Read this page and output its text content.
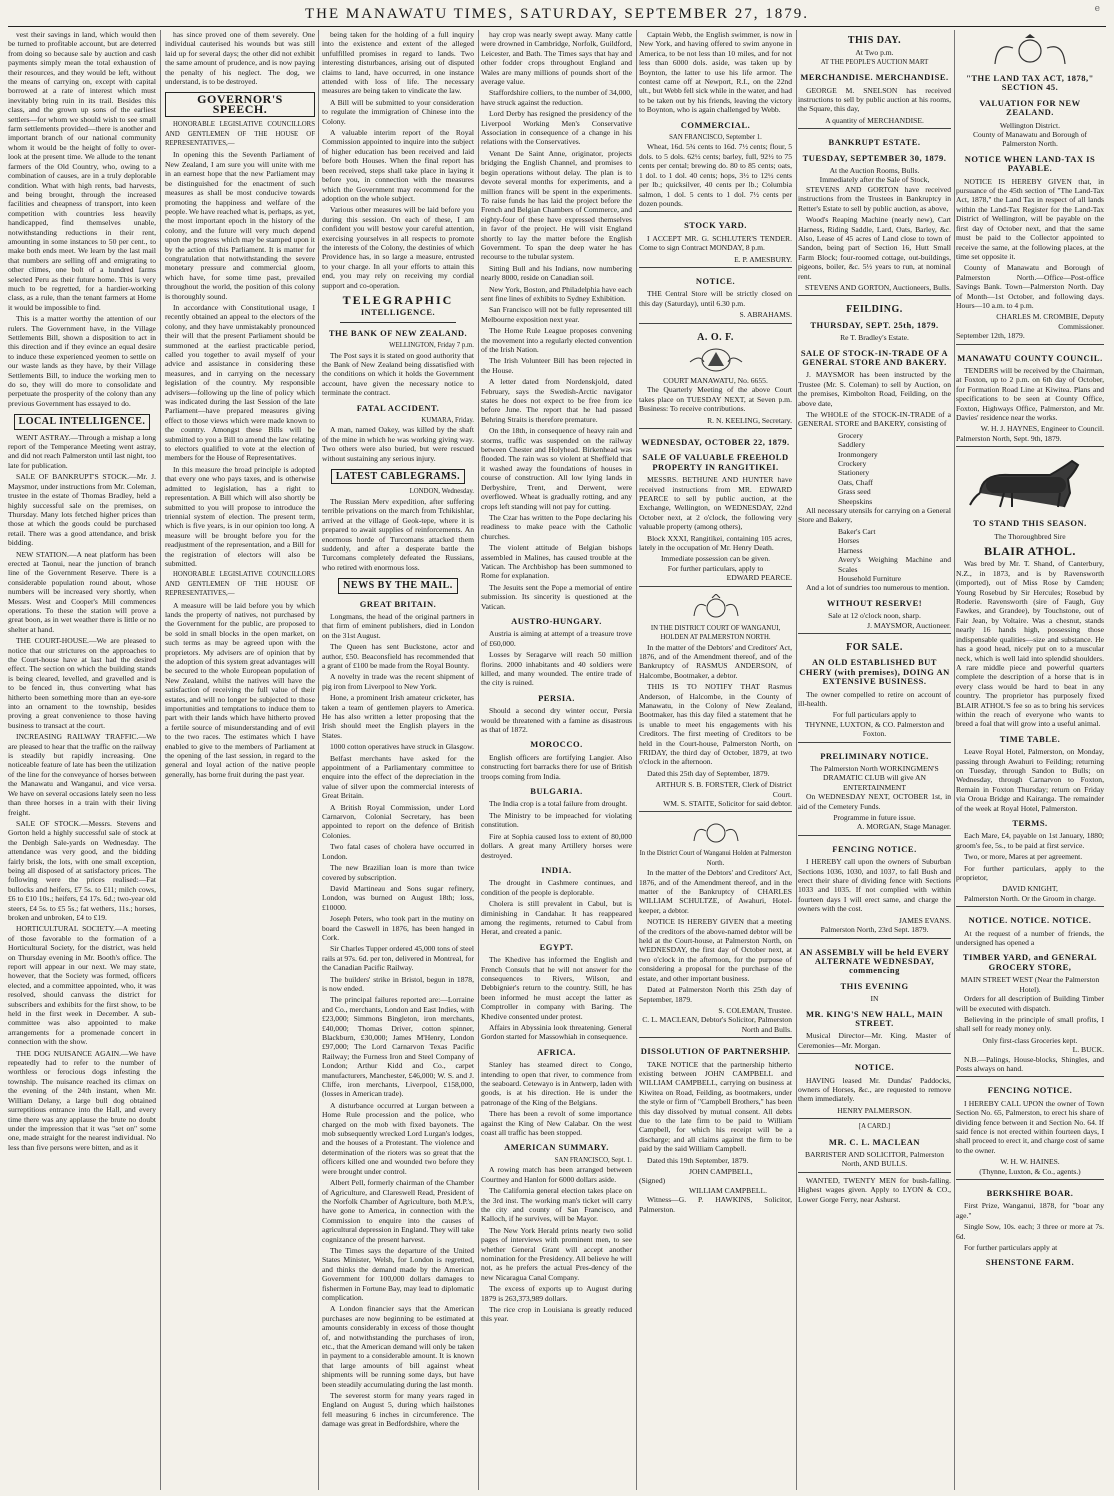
THE MANAWATU TIMES, SATURDAY, SEPTEMBER 27, 1879.	e

vest their savings in land, which would then be turned to profitable account, but are deterred from doing so because sale by auction and cash payments simply mean the total exhaustion of their resources, and they would be left, without the means of carrying on, except with capital borrowed at a rate of interest which must inevitably bring ruin in its trail. Besides this class, and the grown up sons of the earliest settlers—for whom we should wish to see small farm settlements provided—there is another and important branch of our national community whom it would be the height of folly to over-look at the present time. We allude to the tenant farmers of the Old Country, who, owing to a combination of causes, are in a truly deplorable condition. What with high rents, bad harvests, and being brought, through the increased facilities and cheapness of transport, into keen competition with countries less heavily handicapped, find themselves unable, notwithstanding reductions in their rent, amounting in some instances to 50 per cent., to make both ends meet. We learn by the last mail that numbers are selling off and emigrating to other climes, one bolt of a hundred farms selected Peru as their future home. This is very much to be regretted, for a hardier-working class, as a rule, than the tenant farmers at Home it would be impossible to find.

This is a matter worthy the attention of our rulers. The Government have, in the Village Settlements Bill, shown a disposition to act in this direction and if they evince an equal desire to induce these experienced yeomen to settle on our waste lands as they have, by their Village Settlements Bill, to induce the working men to do so, they will do more to consolidate and perpetuate the prosperity of the colony than any previous Government has essayed to do.

LOCAL INTELLIGENCE.

WENT ASTRAY.—Through a mishap a long report of the Temperance Meeting went astray, and did not reach Palmerston until last night, too late for publication.

SALE OF BANKRUPT'S STOCK.—Mr. J. Maysmor, under instructions from Mr. Coleman, trustee in the estate of Thomas Bradley, held a highly successful sale on the premises, on Thursday. Many lots fetched higher prices than those at which the goods could be purchased retail. There was a good attendance, and brisk bidding.

NEW STATION.—A neat platform has been erected at Taonui, near the junction of branch line of the Government Reserve. There is a considerable population round about, whose numbers will be increased very shortly, when Messrs. West and Cooper's Mill commences operations. To these the station will prove a great boon, as in wet weather there is little or no shelter at hand.

THE COURT-HOUSE.—We are pleased to notice that our strictures on the approaches to the Court-house have at last had the desired effect. The section on which the building stands is being cleared, levelled, and gravelled and is to be fenced in, thus converting what has hitherto been something more than an eye-sore into an ornament to the township, besides proving a great convenience to those having business to transact at the court.

INCREASING RAILWAY TRAFFIC.—We are pleased to hear that the traffic on the railway is steadily but rapidly increasing. One noticeable feature of late has been the utilization of the line for the conveyance of horses between the Manawatu and Wanganui, and vice versa. We have on several occasions lately seen no less than three horses in a train with their living freight.

SALE OF STOCK.—Messrs. Stevens and Gorton held a highly successful sale of stock at the Denbigh Sale-yards on Wednesday. The attendance was very good, and the bidding fairly brisk, the lots, with one small exception, being all disposed of at satisfactory prices. The following were the prices realised:—Fat bullocks and heifers, £7 5s. to £11; milch cows, £6 to £10 10s.; heifers, £4 17s. 6d.; two-year old steers, £4 5s. to £5 5s.; fat wethers, 11s.; horses, broken and unbroken, £4 to £19.

HORTICULTURAL SOCIETY.—A meeting of those favorable to the formation of a Horticultural Society, for the district, was held on Thursday evening in Mr. Booth's office. The report will appear in our next. We may state, however, that the Society was formed, officers elected, and a committee appointed, who, it was resolved, should canvass the district for subscribers and exhibits for the first show, to be held in the first week in December. A sub-committee was also appointed to make arrangements for a promenade concert in connection with the show.

THE DOG NUISANCE AGAIN.—We have repeatedly had to refer to the number of worthless or ferocious dogs infesting the township. The nuisance reached its climax on the evening of the 24th instant, when Mr. William Delany, a large bull dog obtained surreptitious entrance into the Hall, and every time there was any applause the brute no doubt under the impression that it was "set on" some one, made straight for the nearest individual. No less than five persons were bitten, and as it

has since proved one of them severely. One individual cauterised his wounds but was still laid up for several days; the other did not exhibit the same amount of prudence, and is now paying the penalty of his neglect. The dog, we understand, is to be destroyed.

GOVERNOR'S SPEECH.

HONORABLE LEGISLATIVE COUNCILLORS AND GENTLEMEN OF THE HOUSE OF REPRESENTATIVES,—

In opening this the Seventh Parliament of New Zealand, I am sure you will unite with me in an earnest hope that the new Parliament may be distinguished for the enactment of such measures as shall be most conducive towards promoting the happiness and welfare of the people. We have reached what is, perhaps, as yet, the most important epoch in the history of the colony, and the future will very much depend upon the progress which may be stamped upon it by the action of this Parliament. It is matter for congratulation that notwithstanding the severe monetary pressure and commercial gloom, which have, for some time past, prevailed throughout the world, the position of this colony is thoroughly sound.

In accordance with Constitutional usage, I recently obtained an appeal to the electors of the colony, and they have unmistakably pronounced their will that the present Parliament should be summoned at the earliest practicable period, called you together to avail myself of your advice and assistance in considering these measures, and in carrying on the necessary legislation of the country. My responsible advisers—following up the line of policy which was indicated during the last Session of the late Parliament—have prepared measures giving effect to those views which were made known to the country. Amongst these Bills will be submitted to you a Bill to amend the law relating to electors qualified to vote at the election of members for the House of Representatives.

In this measure the broad principle is adopted that every one who pays taxes, and is otherwise admitted to legislation, has a right to representation. A Bill which will also shortly be submitted to you will propose to introduce the triennial system of election. The present term, which is five years, is in our opinion too long. A measure will be brought before you for the readjustment of the representation, and a Bill for the registration of electors will also be submitted.

HONORABLE LEGISLATIVE COUNCILLORS AND GENTLEMEN OF THE HOUSE OF REPRESENTATIVES,—

A measure will be laid before you by which lands the property of natives, not purchased by the Government for the public, are proposed to be sold in small blocks in the open market, on such terms as may be agreed upon with the proprietors. My advisers are of opinion that by the adoption of this system great advantages will be secured to the whole European population of New Zealand, whilst the natives will have the satisfaction of receiving the full value of their estates, and will no longer be subjected to those importunities and temptations to induce them to part with their lands which have hitherto proved a fertile source of misunderstanding and of evil to the two races. The estimates which I have enabled to give to the members of Parliament at the opening of the last session, in regard to the general and loyal action of the native people generally, has borne fruit during the past year.

being taken for the holding of a full inquiry into the existence and extent of the alleged unfulfilled promises in regard to lands. Two interesting disturbances, arising out of disputed claims to land, have occurred, in one instance attended with loss of life. The necessary measures are being taken to vindicate the law.

A Bill will be submitted to your consideration to regulate the immigration of Chinese into the Colony.

A valuable interim report of the Royal Commission appointed to inquire into the subject of higher education has been received and laid before both Houses. When the final report has been received, steps shall take place in laying it before you, in connection with the measures which the Government may recommend for the adoption on the whole subject.

Various other measures will be laid before you during this session. On each of these, I am confident you will bestow your careful attention, exercising yourselves in all respects to promote the interests of the Colony, the destinies of which Providence has, in so large a measure, entrusted to your charge. In all your efforts to attain this end, you may rely on receiving my cordial support and co-operation.

TELEGRAPHIC
INTELLIGENCE.
THE BANK OF NEW ZEALAND.
WELLINGTON, Friday 7 p.m.

The Post says it is stated on good authority that the Bank of New Zealand being dissatisfied with the conditions on which it holds the Government account, have given the necessary notice to terminate the contract.

FATAL ACCIDENT.
KUMARA, Friday.

A man, named Oakey, was killed by the shaft of the mine in which he was working giving way. Two others were also buried, but were rescued without sustaining any serious injury.

LATEST CABLEGRAMS.
LONDON, Wednesday.

The Russian Merv expedition, after suffering terrible privations on the march from Tchikishlar, arrived at the village of Geok-tepe, where it is prepared to await supplies of reinforcements. An enormous horde of Turcomans attacked them suddenly, and after a desperate battle the Turcomans completely defeated the Russians, who retired with enormous loss.

NEWS BY THE MAIL.
GREAT BRITAIN.

Longmans, the head of the original partners in that firm of eminent publishers, died in London on the 31st August.

The Queen has sent Buckstone, actor and author, £50. Beaconsfield has recommended that a grant of £100 be made from the Royal Bounty.

A novelty in trade was the recent shipment of pig iron from Liverpool to New York.

Hone, a prominent Irish amateur cricketer, has taken a team of gentlemen players to America. He has also written a letter proposing that the Irish should meet the English players in the States.

1000 cotton operatives have struck in Glasgow.

Belfast merchants have asked for the appointment of a Parliamentary committee to enquire into the effect of the depreciation in the value of silver upon the commercial interests of Great Britain.

A British Royal Commission, under Lord Carnarvon, Colonial Secretary, has been appointed to report on the defence of British Colonies.

Two fatal cases of cholera have occurred in London.

The new Brazilian loan is more than twice covered by subscription.

David Martineau and Sons sugar refinery, London, was burned on August 18th; loss, £10000.

Joseph Peters, who took part in the mutiny on board the Caswell in 1876, has been hanged in Cork.

Sir Charles Tupper ordered 45,000 tons of steel rails at 97s. 6d. per ton, delivered in Montreal, for the Canadian Pacific Railway.

The builders' strike in Bristol, begun in 1878, is now ended.

The principal failures reported are:—Lorraine and Co., merchants, London and East Indies, with £23,000; Simmons Bingleton, iron merchants, £40,000; Thomas Driver, cotton spinner, Blackburn, £30,000; James M'Henry, London £97,000; The Lord Carnarvon Texas Pacific Railway; the Furness Iron and Steel Company of London; Arthur Kidd and Co., carpet manufacturers, Manchester, £46,000; W. S. and J. Cliffe, iron merchants, Liverpool, £158,000, (losses in American trade).

A disturbance occurred at Lurgan between a Home Rule procession and the police, who charged on the mob with fixed bayonets. The mob subsequently wrecked Lord Lurgan's lodges, and the houses of a Protestant. The violence and determination of the rioters was so great that the officers killed one and wounded two before they were brought under control.

Albert Pell, formerly chairman of the Chamber of Agriculture, and Clareswell Read, President of the Norfolk Chamber of Agriculture, both M.P.'s, have gone to America, in connection with the Commission to enquire into the causes of agricultural depression in England. They will take cognizance of the present harvest.

The Times says the departure of the United States Minister, Welsh, for London is regretted, and thinks the demand made by the American Government for 100,000 dollars damages to fishermen in Fortune Bay, may lead to diplomatic complication.

A London financier says that the American purchases are now beginning to be estimated at amounts considerably in excess of those thought of, and notwithstanding the purchases of iron, etc., that the American demand will only be taken in payment to a considerable amount. It is known that large amounts of bill against wheat shipments will be running some days, but have been steadily accumulating during the last month.

The severest storm for many years raged in England on August 5, during which hailstones fell measuring 6 inches in circumference. The damage was great in Bedfordshire, where the

hay crop was nearly swept away. Many cattle were drowned in Cambridge, Norfolk, Guildford, Leicester, and Bath. The Times says that hay and other fodder crops throughout England and Wales are many millions of pounds short of the average value.

Staffordshire colliers, to the number of 34,000, have struck against the reduction.

Lord Derby has resigned the presidency of the Liverpool Working Men's Conservative Association in consequence of a change in his relations with the Conservatives.

Venant De Saint Anne, originator, projects bridging the English Channel, and promises to begin operations without delay. The plan is to devote several months for experiments, and a million francs will be spent in the experiments. To raise funds he has laid the project before the French and Belgian Chambers of Commerce, and eighty-four of these have expressed themselves in favor of the project. He will visit England shortly to lay the matter before the English Government. To span the deep water he has recourse to the tubular system.

Sitting Bull and his Indians, now numbering nearly 8000, reside on Canadian soil.

New York, Boston, and Philadelphia have each sent fine lines of exhibits to Sydney Exhibition.

San Francisco will not be fully represented till Melbourne exposition next year.

The Home Rule League proposes convening the movement into a regularly elected convention of the Irish Nation.

The Irish Volunteer Bill has been rejected in the House.

A letter dated from Nordenskjold, dated February, says the Swedish-Arctic navigator states he does not expect to be free from ice before June. The report that he had passed Behring Straits is therefore premature.

On the 18th, in consequence of heavy rain and storms, traffic was suspended on the railway between Chester and Holyhead. Birkenhead was flooded. The rain was so violent at Sheffield that it washed away the foundations of houses in course of construction. All low lying lands in Derbyshire, Trent, and Derwent, were overflowed. Wheat is gradually rotting, and any crops left standing will not pay for cutting.

The Czar has written to the Pope declaring his readiness to make peace with the Catholic churches.

The violent attitude of Belgian bishops assembled in Malines, has caused trouble at the Vatican. The Archbishop has been summoned to Rome for explanation.

The Jesuits sent the Pope a memorial of entire submission. Its sincerity is questioned at the Vatican.

AUSTRO-HUNGARY.

Austria is aiming at attempt of a treasure trove of £60,000.

Losses by Seragarve will reach 50 million florins. 2000 inhabitants and 40 soldiers were killed, and many wounded. The entire trade of the city is ruined.

PERSIA.

Should a second dry winter occur, Persia would be threatened with a famine as disastrous as that of 1872.

MOROCCO.

English officers are fortifying Langier. Also constructing fort barracks there for use of British troops coming from India.

BULGARIA.

The India crop is a total failure from drought.

The Ministry to be impeached for violating constitution.

Fire at Sophia caused loss to extent of 80,000 dollars. A great many Artillery horses were destroyed.

INDIA.

The drought in Cashmere continues, and condition of the people is deplorable.

Cholera is still prevalent in Cabul, but is diminishing in Candahar. It has reappeared among the regiments, returned to Cabul from Herat, and created a panic.

EGYPT.

The Khedive has informed the English and French Consuls that he will not answer for the consequences to Rivers, Wilson, and Debbignier's return to the country. Still, he has been informed he must accept the latter as Comptroller in company with Baring. The Khedive consented under protest.

Affairs in Abyssinia look threatening. General Gordon started for Massowhiah in consequence.

AFRICA.

Stanley has steamed direct to Congo, intending to open that river, to commence from the seaboard. Cetewayo is in Antwerp, laden with goods, is at his direction. He is under the patronage of the King of the Belgians.

There has been a revolt of some importance against the King of New Calabar. On the west coast all traffic has been stopped.

AMERICAN SUMMARY.
SAN FRANCISCO, Sept. 1.

A rowing match has been arranged between Courtney and Hanlon for 6000 dollars aside.

The California general election takes place on the 3rd inst. The working man's ticket will carry the city and county of San Francisco, and Kalloch, if he survives, will be Mayor.

The New York Herald prints nearly two solid pages of interviews with prominent men, to see whether General Grant will accept another nomination for the Presidency. All believe he will not, as he prefers the actual Pres-dency of the new Nicaragua Canal Company.

The excess of exports up to August during 1879 is 263,373,989 dollars.

The rice crop in Louisiana is greatly reduced this year.

Captain Webb, the English swimmer, is now in New York, and having offered to swim anyone in America, to be not less than 10 miles, and for not less than 6000 dols. aside, was taken up by Boynton, the latter to use his life armor. The contest came off at Newport, R.I., on the 22nd ult., but Webb fell sick while in the water, and had to be taken out by his friends, leaving the victory to Boynton, who is again challenged by Webb.

COMMERCIAL.
SAN FRANCISCO, September 1.

Wheat, 16d. 5¾ cents to 16d. 7½ cents; flour, 5 dols. to 5 dols. 62½ cents; barley, full, 92½ to 75 cents per cental; brewing do. 80 to 85 cents; oats, 1 dol. to 1 dol. 40 cents; hops, 3½ to 12½ cents per lb.; quicksilver, 40 cents per lb.; Columbia salmon, 1 dol. 5 cents to 1 dol. 7½ cents per dozen pounds.

STOCK YARD.

I ACCEPT MR. G. SCHLUTER'S TENDER. Come to sign Contract MONDAY, 8 p.m.

E. P. AMESBURY.
NOTICE.

THE Central Store will be strictly closed on this day (Saturday), until 6.30 p.m.

S. ABRAHAMS.
A. O. F.
COURT MANAWATU, No. 6655.

The Quarterly Meeting of the above Court takes place on TUESDAY NEXT, at Seven p.m. Business: To receive contributions.

R. N. KEELING, Secretary.
WEDNESDAY, OCTOBER 22, 1879.
SALE OF VALUABLE FREEHOLD PROPERTY IN RANGITIKEI.

MESSRS. BETHUNE AND HUNTER have received instructions from MR. EDWARD PEARCE to sell by public auction, at the Exchange, Wellington, on WEDNESDAY, 22nd October next, at 2 o'clock, the following very valuable property (among others),

Block XXXI, Rangitikei, containing 105 acres, lately in the occupation of Mr. Henry Death.

Immediate possession can be given.
For further particulars, apply to
EDWARD PEARCE.
IN THE DISTRICT COURT OF WANGANUI, HOLDEN AT PALMERSTON NORTH.

In the matter of the Debtors' and Creditors' Act, 1876, and of the Amendment thereof, and of the Bankruptcy of RASMUS ANDERSON, of Halcombe, Bootmaker, a debtor.

THIS IS TO NOTIFY THAT Rasmus Anderson, of Halcombe, in the County of Manawatu, in the Colony of New Zealand, Bootmaker, has this day filed a statement that he is unable to meet his engagements with his Creditors. The first meeting of Creditors to be held in the Court-house, Palmerston North, on FRIDAY, the third day of October, 1879, at two o'clock in the afternoon.

Dated this 25th day of September, 1879.

ARTHUR S. B. FORSTER, Clerk of District Court.
WM. S. STAITE, Solicitor for said debtor.
In the District Court of Wanganui Holden at Palmerston North.

In the matter of the Debtors' and Creditors' Act, 1876, and of the Amendment thereof, and in the matter of the Bankruptcy of CHARLES WILLIAM SCHULTZE, of Awahuri, Hotel-keeper, a debtor.

NOTICE IS HEREBY GIVEN that a meeting of the creditors of the above-named debtor will be held at the Court-house, at Palmerston North, on WEDNESDAY, the first day of October next, at two o'clock in the afternoon, for the purpose of considering a proposal for the purchase of the estate, and other important business.

Dated at Palmerston North this 25th day of September, 1879.

S. COLEMAN, Trustee.
C. L. MACLEAN, Debtor's Solicitor, Palmerston North and Bulls.
DISSOLUTION OF PARTNERSHIP.

TAKE NOTICE that the partnership hitherto existing between JOHN CAMPBELL and WILLIAM CAMPBELL, carrying on business at Kiwitea on Road, Feilding, as bootmakers, under the style or firm of "Campbell Brothers," has been this day dissolved by mutual consent. All debts due to the late firm to be paid to William Campbell, for which his receipt will be a discharge; and all claims against the firm to be paid by the said William Campbell.

Dated this 19th September, 1879.

JOHN CAMPBELL,
(Signed)
WILLIAM CAMPBELL.

Witness—G. P. HAWKINS, Solicitor, Palmerston.

THIS DAY.
At Two p.m.
AT THE PEOPLE'S AUCTION MART
MERCHANDISE. MERCHANDISE.

GEORGE M. SNELSON has received instructions to sell by public auction at his rooms, the Square, this day,

A quantity of MERCHANDISE.
BANKRUPT ESTATE.
TUESDAY, SEPTEMBER 30, 1879.
At the Auction Rooms, Bulls.
Immediately after the Sale of Stock,

STEVENS AND GORTON have received instructions from the Trustees in Bankruptcy in Retter's Estate to sell by public auction, as above,

Wood's Reaping Machine (nearly new), Cart Harness, Riding Saddle, Lard, Oats, Barley, &c. Also, Lease of 45 acres of Land close to town of Sandon, being part of Section 16, Hutt Small Farm Block; four-roomed cottage, out-buildings, pigeons, boiler, &c. 5½ years to run, at nominal rent.

STEVENS AND GORTON, Auctioneers, Bulls.
FEILDING.
THURSDAY, SEPT. 25th, 1879.
Re T. Bradley's Estate.
SALE OF STOCK-IN-TRADE OF A GENERAL STORE AND BAKERY.

J. MAYSMOR has been instructed by the Trustee (Mr. S. Coleman) to sell by Auction, on the premises, Kimbolton Road, Feilding, on the above date,

The WHOLE of the STOCK-IN-TRADE of a GENERAL STORE and BAKERY, consisting of

Grocery
Saddlery
Ironmongery
Crockery
Stationery
Oats, Chaff
Grass seed
Sheepskins

All necessary utensils for carrying on a General Store and Bakery,

Baker's Cart
Horses
Harness
Avery's Weighing Machine and Scales
Household Furniture

And a lot of sundries too numerous to mention.

WITHOUT RESERVE!
Sale at 12 o'clock noon, sharp.
J. MAYSMOR, Auctioneer.
FOR SALE.
AN OLD ESTABLISHED BUT CHERY (with premises), DOING AN EXTENSIVE BUSINESS.

The owner compelled to retire on account of ill-health.

For full particulars apply to
THYNNE, LUXTON, & CO. Palmerston and Foxton.
PRELIMINARY NOTICE.
The Palmerston North WORKINGMEN'S DRAMATIC CLUB will give AN ENTERTAINMENT

On WEDNESDAY NEXT, OCTOBER 1st, in aid of the Cemetery Funds.

Programme in future issue.
A. MORGAN, Stage Manager.
FENCING NOTICE.

I HEREBY call upon the owners of Suburban Sections 1036, 1030, and 1037, to fall Bush and erect their share of dividing fence with Sections 1033 and 1035. If not complied with within fourteen days I will erect same, and charge the owners with the cost.

JAMES EVANS.
Palmerston North, 23rd Sept. 1879.
AN ASSEMBLY will be held EVERY ALTERNATE WEDNESDAY, commencing
THIS EVENING
IN
MR. KING'S NEW HALL, MAIN STREET.

Musical Director—Mr. King. Master of Ceremonies—Mr. Morgan.

NOTICE.

HAVING leased Mr. Dundas' Paddocks, owners of Horses, &c., are requested to remove them immediately.

HENRY PALMERSON.
[A CARD.]
MR. C. L. MACLEAN
BARRISTER AND SOLICITOR, Palmerston North, AND BULLS.

WANTED, TWENTY MEN for bush-falling. Highest wages given. Apply to LYON & CO., Lower Gorge Ferry, near Ashurst.

"THE LAND TAX ACT, 1878," SECTION 45.
VALUATION FOR NEW ZEALAND.
Wellington District.
County of Manawatu and Borough of Palmerston North.
NOTICE WHEN LAND-TAX IS PAYABLE.

NOTICE IS HEREBY GIVEN that, in pursuance of the 45th section of "The Land-Tax Act, 1878," the Land Tax in respect of all lands within the Land-Tax Register for the Land-Tax District of Wellington, will be payable on the first day of October next, and that the same must be paid to the Collector appointed to receive the same, at the following places, at the time set opposite it.

County of Manawatu and Borough of Palmerston North.—Office—Post-office Savings Bank. Town—Palmerston North. Day of Month—1st October, and following days. Hours—10 a.m. to 4 p.m.

CHARLES M. CROMBIE, Deputy Commissioner.
September 12th, 1879.
MANAWATU COUNTY COUNCIL.

TENDERS will be received by the Chairman, at Foxton, up to 2 p.m. on 6th day of October, for Formation Road Line at Kiwitea. Plans and specifications to be seen at County Office, Foxton, Highways Office, Palmerston, and Mr. Davies' residence near the works.

W. H. J. HAYNES, Engineer to Council.
Palmerston North, Sept. 9th, 1879.
TO STAND THIS SEASON.
The Thoroughbred Sire
BLAIR ATHOL.

Was bred by Mr. T. Shand, of Canterbury, N.Z., in 1873, and is by Ravensworth (imported), out of Miss Rose by Camden; Young Rosebud by Sir Hercules; Rosebud by Roderie. Ravensworth (sire of Faugh, Guy Fawkes, and Grandee), by Touchstone, out of Fair Jean, by Voltaire. Was a chesnut, stands nearly 16 hands high, possessing those indispensable qualities—size and substance. He has a good head, nicely put on to a muscular neck, which is well laid into splendid shoulders. A rare middle piece and powerful quarters complete the description of a horse that is in every class would be hard to beat in any country. The proprietor has purposely fixed BLAIR ATHOL'S fee so as to bring his services within the reach of everyone who wants to breed a foal that will grow into a useful animal.

TIME TABLE.

Leave Royal Hotel, Palmerston, on Monday, passing through Awahuri to Feilding; returning on Tuesday, through Sandon to Bulls; on Wednesday, through Carnarvon to Foxton, Remain in Foxton Thursday; return on Friday via Oroua Bridge and Kairanga. The remainder of the week at Royal Hotel, Palmerston.

TERMS.

Each Mare, £4, payable on 1st January, 1880; groom's fee, 5s., to be paid at first service.

Two, or more, Mares at per agreement.

For further particulars, apply to the proprietor,

DAVID KNIGHT,
Palmerston North. Or the Groom in charge.
NOTICE. NOTICE. NOTICE.

At the request of a number of friends, the undersigned has opened a

TIMBER YARD, and GENERAL GROCERY STORE,
MAIN STREET WEST (Near the Palmerston Hotel).

Orders for all description of Building Timber will be executed with dispatch.

Believing in the principle of small profits, I shall sell for ready money only.

Only first-class Groceries kept.
L. BUCK.

N.B.—Palings, House-blocks, Shingles, and Posts always on hand.

FENCING NOTICE.

I HEREBY CALL UPON the owner of Town Section No. 65, Palmerston, to erect his share of dividing fence between it and Section No. 64. If said fence is not erected within fourteen days, I shall proceed to erect it, and charge cost of same to the owner.

W. H. W. HAINES.
(Thynne, Luxton, & Co., agents.)
BERKSHIRE BOAR.

First Prize, Wanganui, 1878, for "boar any age."

Single Sow, 10s. each; 3 three or more at 7s. 6d.

For further particulars apply at

SHENSTONE FARM.
